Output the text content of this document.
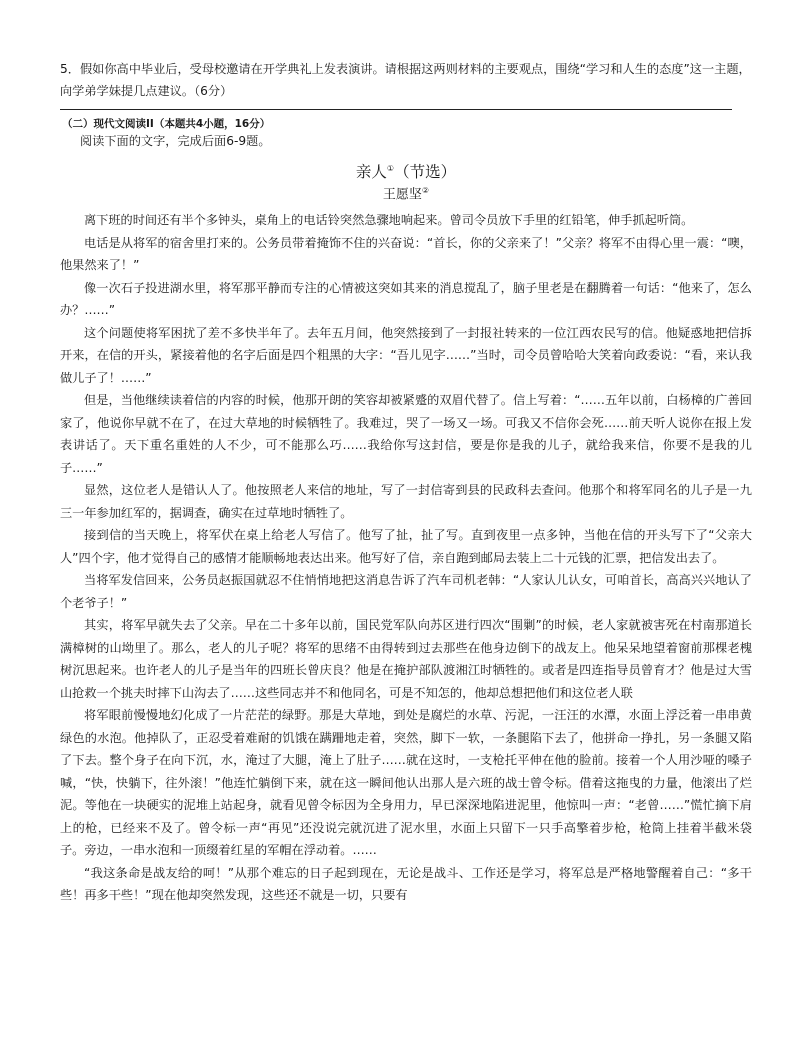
5．假如你高中毕业后，受母校邀请在开学典礼上发表演讲。请根据这两则材料的主要观点，围绕“学习和人生的态度”这一主题，向学弟学妹提几点建议。（6分）

（二）现代文阅读II（本题共4小题，16分）

阅读下面的文字，完成后面6-9题。

亲人①（节选）
王愿坚②

离下班的时间还有半个多钟头，桌角上的电话铃突然急骤地响起来。曾司令员放下手里的红铅笔，伸手抓起听筒。

电话是从将军的宿舍里打来的。公务员带着掩饰不住的兴奋说：“首长，你的父亲来了！”父亲？将军不由得心里一震：“噢，他果然来了！”

像一次石子投进湖水里，将军那平静而专注的心情被这突如其来的消息搅乱了，脑子里老是在翻腾着一句话：“他来了，怎么办？……”

这个问题使将军困扰了差不多快半年了。去年五月间，他突然接到了一封报社转来的一位江西农民写的信。他疑惑地把信拆开来，在信的开头，紧接着他的名字后面是四个粗黑的大字：“吾儿见字……”当时，司令员曾哈哈大笑着向政委说：“看，来认我做儿子了！……”

但是，当他继续读着信的内容的时候，他那开朗的笑容却被紧蹙的双眉代替了。信上写着：“……五年以前，白杨樟的广善回家了，他说你早就不在了，在过大草地的时候牺牲了。我难过，哭了一场又一场。可我又不信你会死……前天听人说你在报上发表讲话了。天下重名重姓的人不少，可不能那么巧……我给你写这封信，要是你是我的儿子，就给我来信，你要不是我的儿子……”

显然，这位老人是错认人了。他按照老人来信的地址，写了一封信寄到县的民政科去查问。他那个和将军同名的儿子是一九三一年参加红军的，据调查，确实在过草地时牺牲了。

接到信的当天晚上，将军伏在桌上给老人写信了。他写了扯，扯了写。直到夜里一点多钟，当他在信的开头写下了“父亲大人”四个字，他才觉得自己的感情才能顺畅地表达出来。他写好了信，亲自跑到邮局去装上二十元钱的汇票，把信发出去了。

当将军发信回来，公务员赵振国就忍不住悄悄地把这消息告诉了汽车司机老韩：“人家认儿认女，可咱首长，高高兴兴地认了个老爷子！”

其实，将军早就失去了父亲。早在二十多年以前，国民党军队向苏区进行四次“围剿”的时候，老人家就被害死在村南那道长满樟树的山坳里了。那么，老人的儿子呢？将军的思绪不由得转到过去那些在他身边倒下的战友上。他呆呆地望着窗前那棵老槐树沉思起来。也许老人的儿子是当年的四班长曾庆良？他是在掩护部队渡湘江时牺牲的。或者是四连指导员曾育才？他是过大雪山抢救一个挑夫时摔下山沟去了……这些同志并不和他同名，可是不知怎的，他却总想把他们和这位老人联

将军眼前慢慢地幻化成了一片茫茫的绿野。那是大草地，到处是腐烂的水草、污泥，一汪汪的水潭，水面上浮泛着一串串黄绿色的水泡。他掉队了，正忍受着难耐的饥饿在蹒跚地走着，突然，脚下一软，一条腿陷下去了，他拼命一挣扎，另一条腿又陷了下去。整个身子在向下沉，水，淹过了大腿，淹上了肚子……就在这时，一支枪托平伸在他的脸前。接着一个人用沙哑的嗓子喊，“快，快躺下，往外滚！”他连忙躺倒下来，就在这一瞬间他认出那人是六班的战士曾令标。借着这拖曳的力量，他滚出了烂泥。等他在一块硬实的泥堆上站起身，就看见曾令标因为全身用力，早已深深地陷进泥里，他惊叫一声：“老曾……”慌忙摘下肩上的枪，已经来不及了。曾令标一声“再见”还没说完就沉进了泥水里，水面上只留下一只手高擎着步枪，枪筒上挂着半截米袋子。旁边，一串水泡和一顶缀着红星的军帽在浮动着。……

“我这条命是战友给的呵！”从那个难忘的日子起到现在，无论是战斗、工作还是学习，将军总是严格地警醒着自己：“多干些！再多干些！”现在他却突然发现，这些还不就是一切，只要有
